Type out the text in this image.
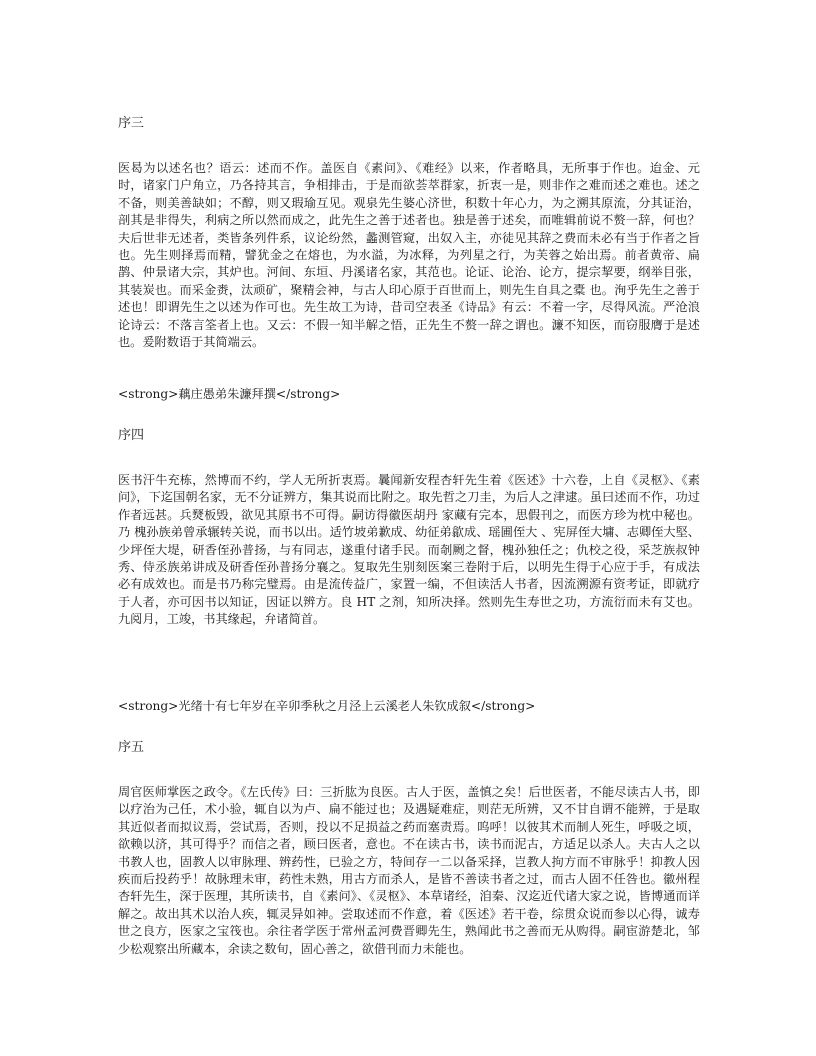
序三

医曷为以述名也？语云：述而不作。盖医自《素问》、《难经》以来，作者略具，无所事于作也。迨金、元时，诸家门户角立，乃各持其言，争相排击，于是而欲荟萃群家，折衷一是，则非作之难而述之难也。述之不备，则美善缺如；不醇，则又瑕瑜互见。观泉先生婆心济世，积数十年心力，为之溯其原流，分其证治，剖其是非得失，利病之所以然而成之，此先生之善于述者也。独是善于述矣，而唯辑前说不赘一辞，何也？夫后世非无述者，类皆条列件系，议论纷然，蠡测管窥，出奴入主，亦徒见其辞之费而未必有当于作者之旨也。先生则择焉而精，譬犹金之在熔也，为水溢，为冰释，为列星之行，为芙蓉之始出焉。前者黄帝、扁鹊、仲景诸大宗，其炉也。河间、东垣、丹溪诸名家，其范也。论证、论治、论方，提宗挈要，纲举目张，其装炭也。而采金赉，汰顽矿，聚精会神，与古人印心原于百世而上，则先生自具之橐 也。洵乎先生之善于述也！即谓先生之以述为作可也。先生故工为诗，昔司空表圣《诗品》有云：不着一字，尽得风流。严沧浪论诗云：不落言筌者上也。又云：不假一知半解之悟，正先生不赘一辞之谓也。濂不知医，而窃服膺于是述也。爰附数语于其简端云。

<strong>藕庄愚弟朱濂拜撰</strong>
序四

医书汗牛充栋，然博而不约，学人无所折衷焉。曩闻新安程杏轩先生着《医述》十六卷，上自《灵枢》、《素问》，下迄国朝名家，无不分证辨方，集其说而比附之。取先哲之刀圭，为后人之津逮。虽曰述而不作，功过作者远甚。兵燹板毁，欲见其原书不可得。嗣访得徽医胡丹 家藏有完本，思假刊之，而医方珍为枕中秘也。乃 槐孙族弟曾承辗转关说，而书以出。适竹坡弟歉成、幼征弟歙成、瑶圃侄大 、宪屏侄大墉、志卿侄大堅、少坪侄大堤，研香侄孙普扬，与有同志，遂重付诸手民。而剞劂之督，槐孙独任之；仇校之役，采芝族叔钟秀、侍丞族弟讲成及研香侄孙普扬分襄之。复取先生别刻医案三卷附于后，以明先生得于心应于手，有成法必有成效也。而是书乃称完璧焉。由是流传益广，家置一编，不但读活人书者，因流溯源有资考证，即就疗于人者，亦可因书以知证，因证以辨方。良 HT 之剂，知所决择。然则先生寿世之功，方流衍而未有艾也。九阅月，工竣，书其缘起，弁诸简首。

<strong>光绪十有七年岁在辛卯季秋之月泾上云溪老人朱钦成叙</strong>
序五

周官医师掌医之政令。《左氏传》曰：三折肱为良医。古人于医，盖慎之矣！后世医者，不能尽读古人书，即以疗治为己任，术小验，辄自以为卢、扁不能过也；及遇疑难症，则茫无所辨，又不甘自谓不能辨，于是取其近似者而拟议焉，尝试焉，否则，投以不足损益之药而塞责焉。呜呼！以彼其术而制人死生，呼吸之顷，欲赖以济，其可得乎？而信之者，顾曰医者，意也。不在读古书，读书而泥古，方适足以杀人。夫古人之以书教人也，固教人以审脉理、辨药性，已验之方，特间存一二以备采择，岂教人拘方而不审脉乎！抑教人因疾而后投药乎！故脉理未审，药性未熟，用古方而杀人，是皆不善读书者之过，而古人固不任咎也。徽州程杏轩先生，深于医理，其所读书，自《素问》、《灵枢》、本草诸经，洎秦、汉迄近代诸大家之说，皆博通而详解之。故出其术以治人疾，辄灵异如神。尝取述而不作意，着《医述》若干卷，综贯众说而参以心得，诚寿世之良方，医家之宝筏也。余往者学医于常州孟河费晋卿先生，熟闻此书之善而无从购得。嗣宦游楚北，邹少松观察出所藏本，余读之数旬，固心善之，欲借刊而力未能也。
